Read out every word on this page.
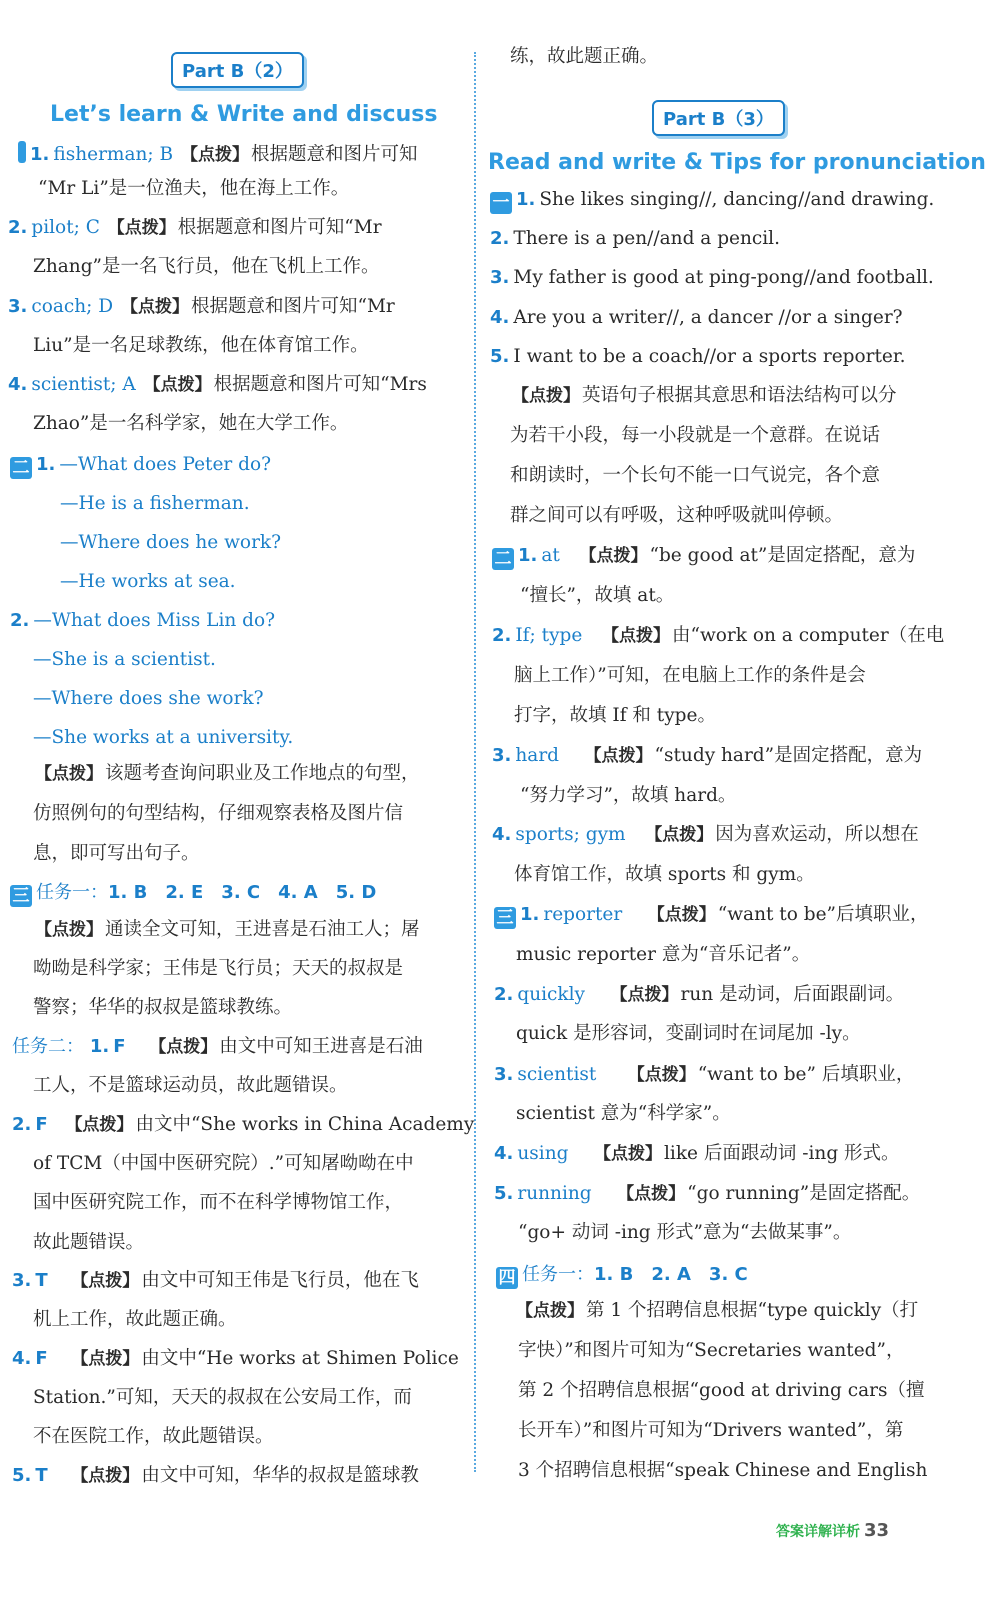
Part B（2）
Let’s learn & Write and discuss
1. fisherman; B 【点拨】 根据题意和图片可知
“Mr Li”是一位渔夫，他在海上工作。
2. pilot; C 【点拨】 根据题意和图片可知“Mr
Zhang”是一名飞行员，他在飞机上工作。
3. coach; D 【点拨】 根据题意和图片可知“Mr
Liu”是一名足球教练，他在体育馆工作。
4. scientist; A 【点拨】 根据题意和图片可知“Mrs
Zhao”是一名科学家，她在大学工作。
二 1. —What does Peter do?
—He is a fisherman.
—Where does he work?
—He works at sea.
2. —What does Miss Lin do?
—She is a scientist.
—Where does she work?
—She works at a university.
【点拨】 该题考查询问职业及工作地点的句型，
仿照例句的句型结构，仔细观察表格及图片信
息，即可写出句子。
三 任务一：1. B 2. E 3. C 4. A 5. D
【点拨】 通读全文可知，王进喜是石油工人；屠
呦呦是科学家；王伟是飞行员；天天的叔叔是
警察；华华的叔叔是篮球教练。
任务二： 1. F 【点拨】 由文中可知王进喜是石油
工人，不是篮球运动员，故此题错误。
2. F 【点拨】 由文中“She works in China Academy
of TCM（中国中医研究院）.”可知屠呦呦在中
国中医研究院工作，而不在科学博物馆工作，
故此题错误。
3. T 【点拨】 由文中可知王伟是飞行员，他在飞
机上工作，故此题正确。
4. F 【点拨】 由文中“He works at Shimen Police
Station.”可知，天天的叔叔在公安局工作，而
不在医院工作，故此题错误。
5. T 【点拨】 由文中可知，华华的叔叔是篮球教
练，故此题正确。
Part B（3）
Read and write & Tips for pronunciation
一 1. She likes singing//, dancing//and drawing.
2. There is a pen//and a pencil.
3. My father is good at ping-pong//and football.
4. Are you a writer//, a dancer //or a singer?
5. I want to be a coach//or a sports reporter.
【点拨】 英语句子根据其意思和语法结构可以分
为若干小段，每一小段就是一个意群。在说话
和朗读时，一个长句不能一口气说完，各个意
群之间可以有呼吸，这种呼吸就叫停顿。
二 1. at 【点拨】 “be good at”是固定搭配，意为
“擅长”，故填 at。
2. If; type 【点拨】 由“work on a computer（在电
脑上工作）”可知，在电脑上工作的条件是会
打字，故填 If 和 type。
3. hard 【点拨】 “study hard”是固定搭配，意为
“努力学习”，故填 hard。
4. sports; gym 【点拨】 因为喜欢运动，所以想在
体育馆工作，故填 sports 和 gym。
三 1. reporter 【点拨】 “want to be”后填职业，
music reporter 意为“音乐记者”。
2. quickly 【点拨】 run 是动词，后面跟副词。
quick 是形容词，变副词时在词尾加 -ly。
3. scientist 【点拨】 “want to be” 后填职业，
scientist 意为“科学家”。
4. using 【点拨】 like 后面跟动词 -ing 形式。
5. running 【点拨】 “go running”是固定搭配。
“go+ 动词 -ing 形式”意为“去做某事”。
四 任务一：1. B 2. A 3. C
【点拨】 第 1 个招聘信息根据“type quickly（打
字快）”和图片可知为“Secretaries wanted”，
第 2 个招聘信息根据“good at driving cars（擅
长开车）”和图片可知为“Drivers wanted”，第
3 个招聘信息根据“speak Chinese and English
答案详解详析 33
